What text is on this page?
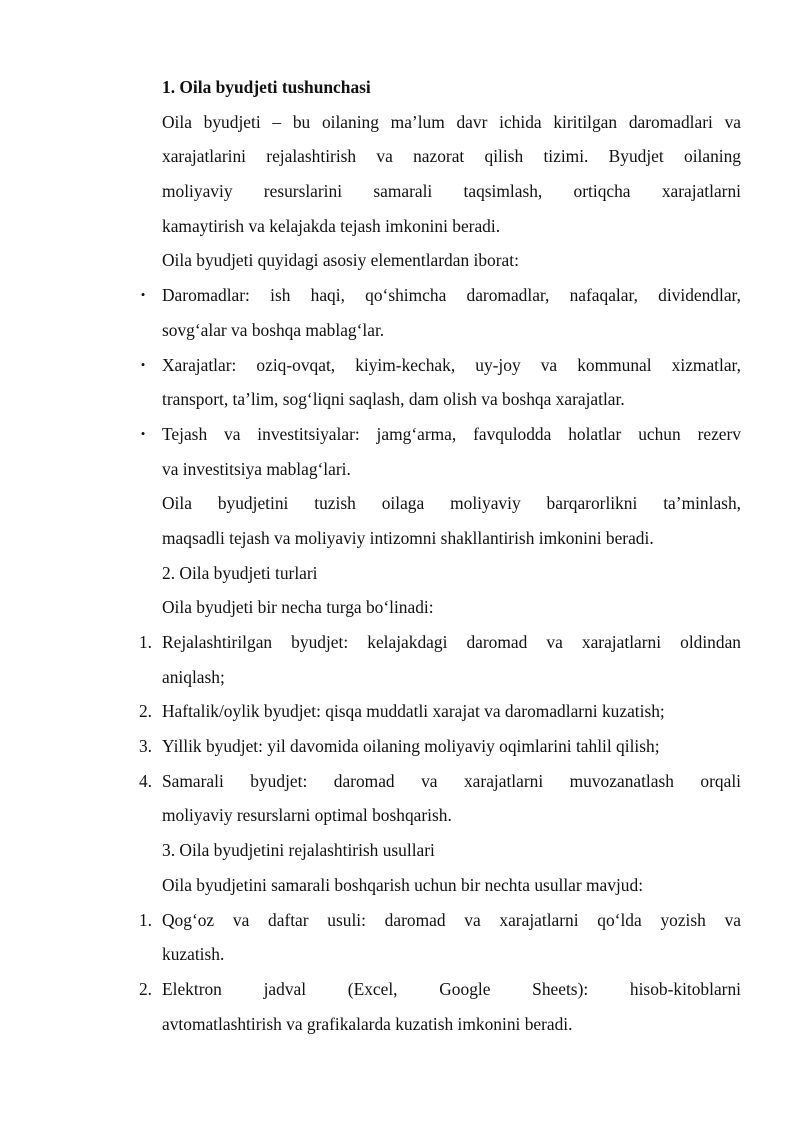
1. Oila byudjeti tushunchasi
Oila byudjeti – bu oilaning ma’lum davr ichida kiritilgan daromadlari va
xarajatlarini rejalashtirish va nazorat qilish tizimi. Byudjet oilaning
moliyaviy resurslarini samarali taqsimlash, ortiqcha xarajatlarni
kamaytirish va kelajakda tejash imkonini beradi.
Oila byudjeti quyidagi asosiy elementlardan iborat:
• Daromadlar: ish haqi, qo‘shimcha daromadlar, nafaqalar, dividendlar,
sovg‘alar va boshqa mablag‘lar.
• Xarajatlar: oziq-ovqat, kiyim-kechak, uy-joy va kommunal xizmatlar,
transport, ta’lim, sog‘liqni saqlash, dam olish va boshqa xarajatlar.
• Tejash va investitsiyalar: jamg‘arma, favqulodda holatlar uchun rezerv
va investitsiya mablag‘lari.
Oila byudjetini tuzish oilaga moliyaviy barqarorlikni ta’minlash,
maqsadli tejash va moliyaviy intizomni shakllantirish imkonini beradi.
2. Oila byudjeti turlari
Oila byudjeti bir necha turga bo‘linadi:
1. Rejalashtirilgan byudjet: kelajakdagi daromad va xarajatlarni oldindan
aniqlash;
2. Haftalik/oylik byudjet: qisqa muddatli xarajat va daromadlarni kuzatish;
3. Yillik byudjet: yil davomida oilaning moliyaviy oqimlarini tahlil qilish;
4. Samarali byudjet: daromad va xarajatlarni muvozanatlash orqali
moliyaviy resurslarni optimal boshqarish.
3. Oila byudjetini rejalashtirish usullari
Oila byudjetini samarali boshqarish uchun bir nechta usullar mavjud:
1. Qog‘oz va daftar usuli: daromad va xarajatlarni qo‘lda yozish va
kuzatish.
2. Elektron jadval (Excel, Google Sheets): hisob-kitoblarni
avtomatlashtirish va grafikalarda kuzatish imkonini beradi.
